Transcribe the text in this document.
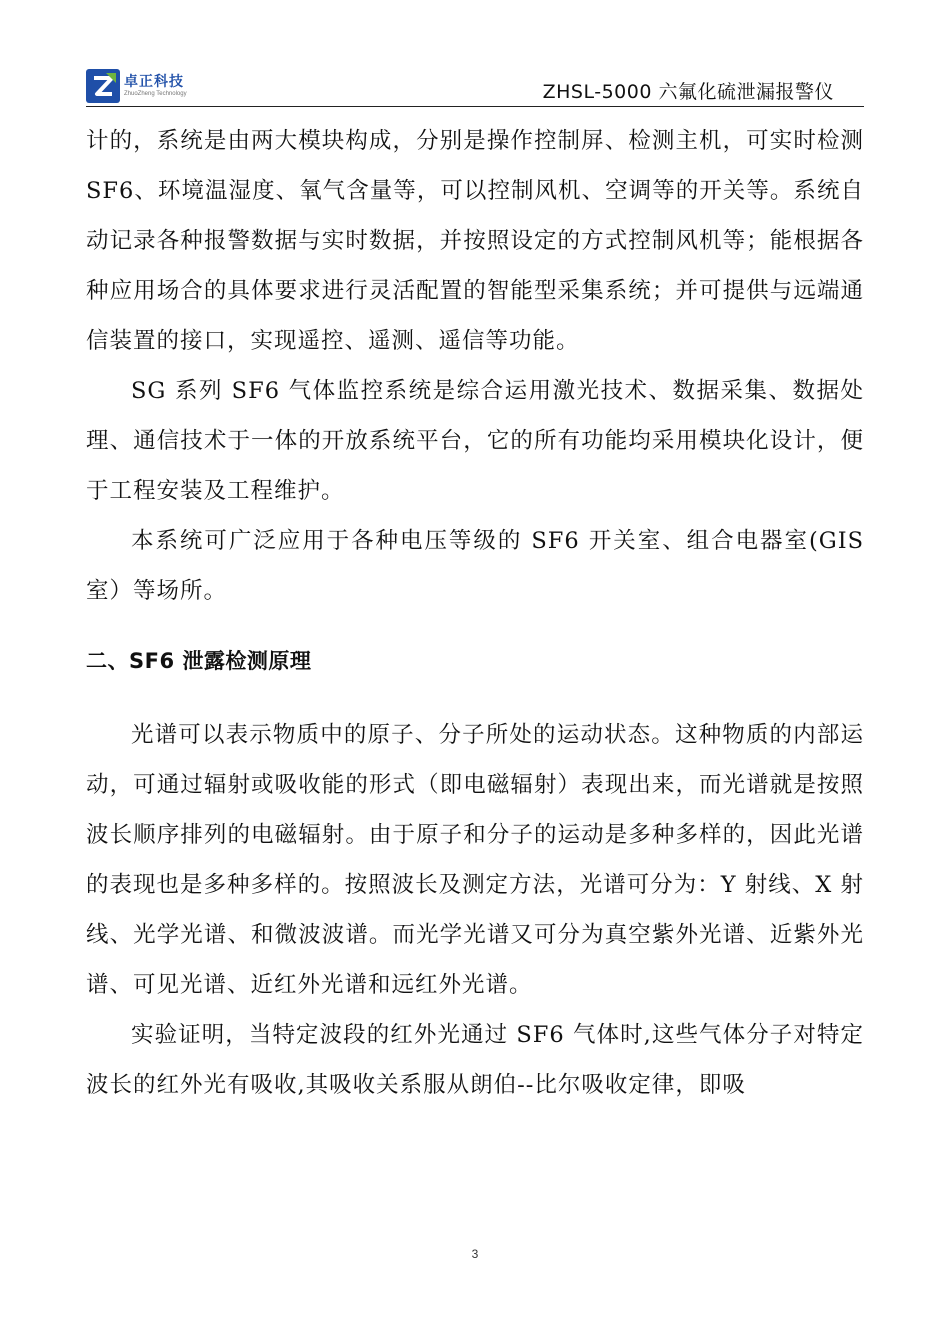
卓正科技
ZhuoZheng Technology	ZHSL-5000 六氟化硫泄漏报警仪

计的，系统是由两大模块构成，分别是操作控制屏、检测主机，可实时检测 SF6、环境温湿度、氧气含量等，可以控制风机、空调等的开关等。系统自动记录各种报警数据与实时数据，并按照设定的方式控制风机等；能根据各种应用场合的具体要求进行灵活配置的智能型采集系统；并可提供与远端通信装置的接口，实现遥控、遥测、遥信等功能。

SG 系列 SF6 气体监控系统是综合运用激光技术、数据采集、数据处理、通信技术于一体的开放系统平台，它的所有功能均采用模块化设计，便于工程安装及工程维护。

本系统可广泛应用于各种电压等级的 SF6 开关室、组合电器室(GIS 室）等场所。

二、SF6 泄露检测原理

光谱可以表示物质中的原子、分子所处的运动状态。这种物质的内部运动，可通过辐射或吸收能的形式（即电磁辐射）表现出来，而光谱就是按照波长顺序排列的电磁辐射。由于原子和分子的运动是多种多样的，因此光谱的表现也是多种多样的。按照波长及测定方法，光谱可分为：Y 射线、X 射线、光学光谱、和微波波谱。而光学光谱又可分为真空紫外光谱、近紫外光谱、可见光谱、近红外光谱和远红外光谱。

实验证明，当特定波段的红外光通过 SF6 气体时,这些气体分子对特定波长的红外光有吸收,其吸收关系服从朗伯--比尔吸收定律，即吸

3
